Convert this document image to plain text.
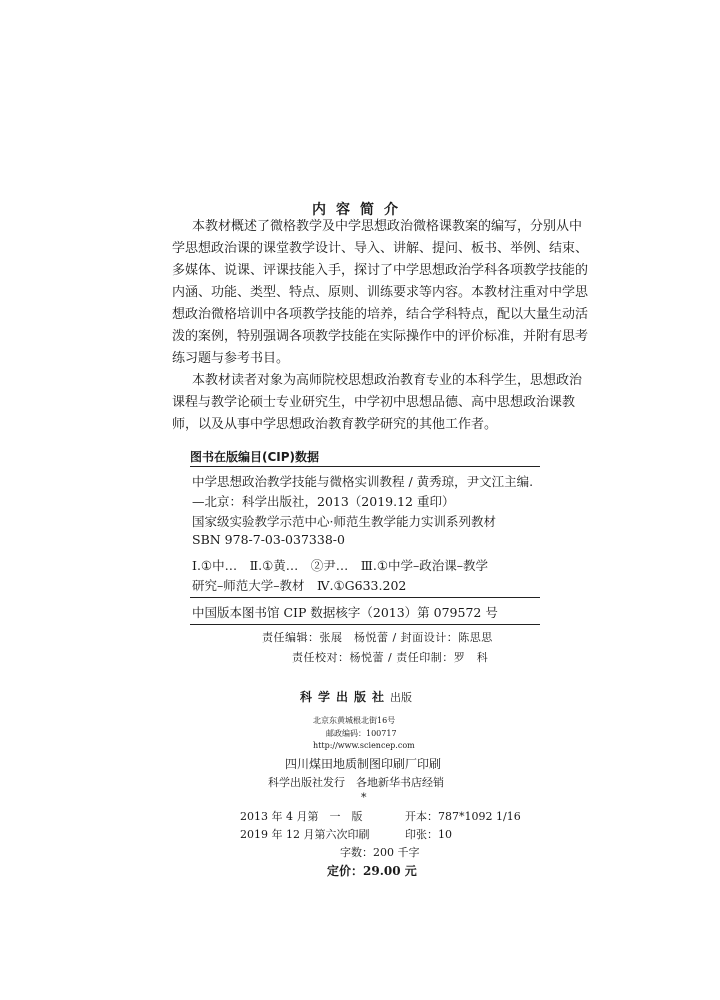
内容简介
本教材概述了微格教学及中学思想政治微格课教案的编写，分别从中
学思想政治课的课堂教学设计、导入、讲解、提问、板书、举例、结束、
多媒体、说课、评课技能入手，探讨了中学思想政治学科各项教学技能的
内涵、功能、类型、特点、原则、训练要求等内容。本教材注重对中学思
想政治微格培训中各项教学技能的培养，结合学科特点，配以大量生动活
泼的案例，特别强调各项教学技能在实际操作中的评价标准，并附有思考
练习题与参考书目。
本教材读者对象为高师院校思想政治教育专业的本科学生，思想政治
课程与教学论硕士专业研究生，中学初中思想品德、高中思想政治课教
师，以及从事中学思想政治教育教学研究的其他工作者。
图书在版编目(CIP)数据
中学思想政治教学技能与微格实训教程 / 黄秀琼，尹文江主编.
—北京：科学出版社，2013（2019.12 重印）
国家级实验教学示范中心·师范生教学能力实训系列教材
SBN 978-7-03-037338-0
Ⅰ.①中…　Ⅱ.①黄…　②尹…　Ⅲ.①中学–政治课–教学
研究–师范大学–教材　Ⅳ.①G633.202
中国版本图书馆 CIP 数据核字（2013）第 079572 号
责任编辑：张展　杨悦蕾 / 封面设计：陈思思
责任校对：杨悦蕾 / 责任印制：罗　科
科学出版社出版
北京东黄城根北街16号
邮政编码：100717
http://www.sciencep.com
四川煤田地质制图印刷厂印刷
科学出版社发行　各地新华书店经销
*
2013 年 4 月第　一　版	开本：787*1092 1/16
2019 年 12 月第六次印刷	印张：10
字数：200 千字
定价：29.00 元
